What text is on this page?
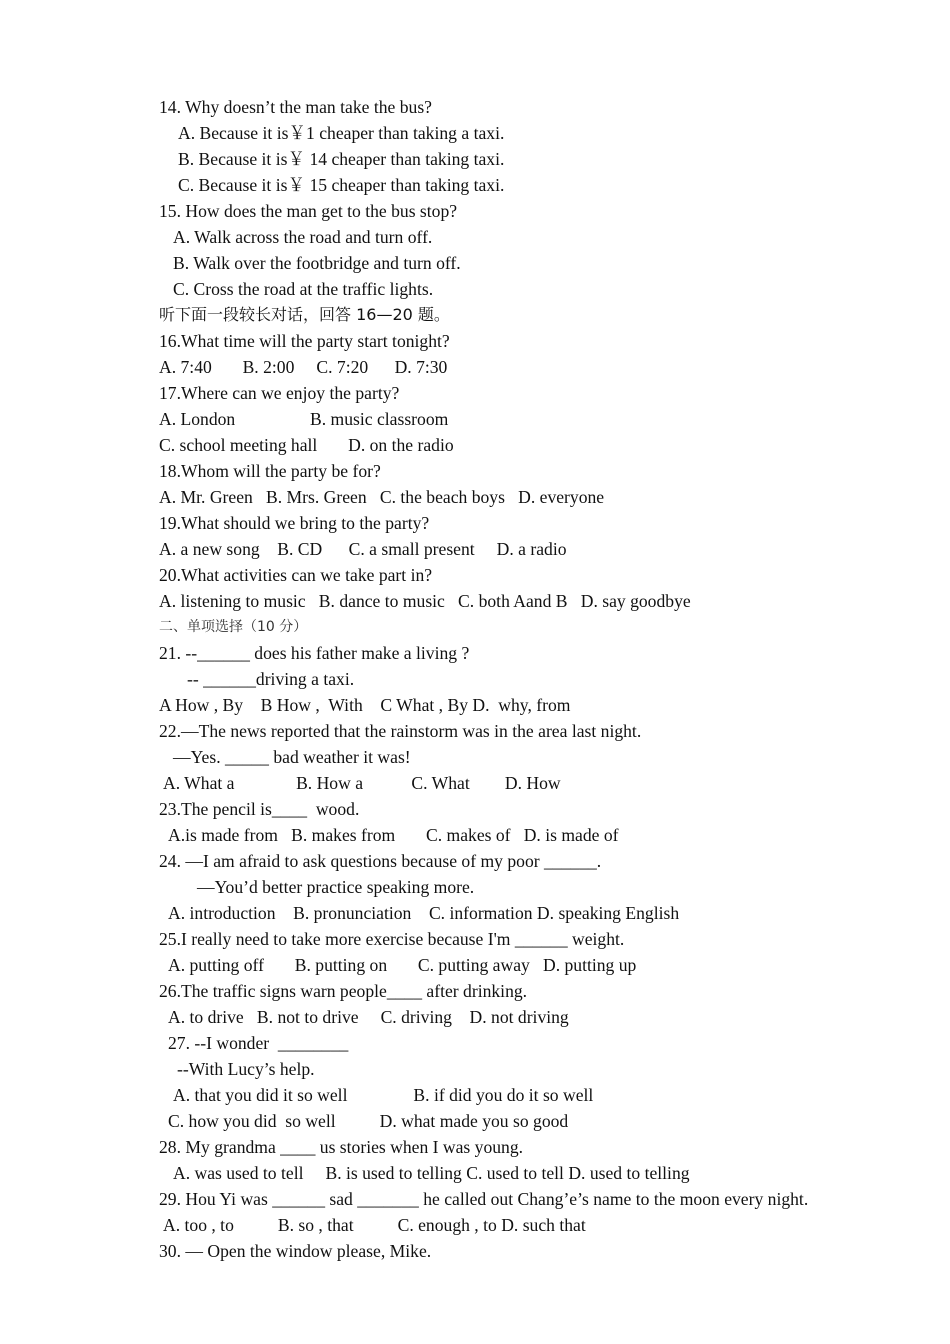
14. Why doesn’t the man take the bus?
A. Because it is￥1 cheaper than taking a taxi.
B. Because it is￥ 14 cheaper than taking taxi.
C. Because it is￥ 15 cheaper than taking taxi.
15. How does the man get to the bus stop?
A. Walk across the road and turn off.
B. Walk over the footbridge and turn off.
C. Cross the road at the traffic lights.
听下面一段较长对话，回答 16—20 题。
16.What time will the party start tonight?
A. 7:40       B. 2:00     C. 7:20      D. 7:30
17.Where can we enjoy the party?
A. London                 B. music classroom
C. school meeting hall       D. on the radio
18.Whom will the party be for?
A. Mr. Green   B. Mrs. Green   C. the beach boys   D. everyone
19.What should we bring to the party?
A. a new song    B. CD      C. a small present     D. a radio
20.What activities can we take part in?
A. listening to music   B. dance to music   C. both Aand B   D. say goodbye
二、单项选择（10 分）
21. --______ does his father make a living ?
-- ______driving a taxi.
A How , By    B How ,  With    C What , By D.  why, from
22.—The news reported that the rainstorm was in the area last night.
—Yes. _____ bad weather it was!
A. What a              B. How a           C. What        D. How
23.The pencil is____  wood.
A.is made from   B. makes from       C. makes of   D. is made of
24. —I am afraid to ask questions because of my poor ______.
—You’d better practice speaking more.
A. introduction    B. pronunciation    C. information D. speaking English
25.I really need to take more exercise because I'm ______ weight.
A. putting off       B. putting on       C. putting away   D. putting up
26.The traffic signs warn people____ after drinking.
A. to drive   B. not to drive     C. driving    D. not driving
27. --I wonder  ________
--With Lucy’s help.
A. that you did it so well               B. if did you do it so well
C. how you did  so well          D. what made you so good
28. My grandma ____ us stories when I was young.
A. was used to tell     B. is used to telling C. used to tell D. used to telling
29. Hou Yi was ______ sad _______ he called out Chang’e’s name to the moon every night.
A. too , to          B. so , that          C. enough , to D. such that
30. — Open the window please, Mike.
